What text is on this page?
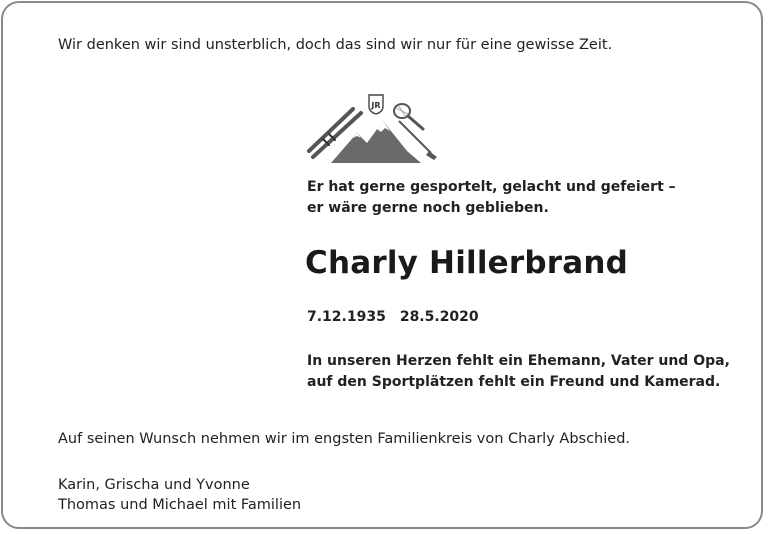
Wir denken wir sind unsterblich, doch das sind wir nur für eine gewisse Zeit.
JR
Er hat gerne gesportelt, gelacht und gefeiert –
er wäre gerne noch geblieben.
Charly Hillerbrand
7.12.1935 28.5.2020
In unseren Herzen fehlt ein Ehemann, Vater und Opa,
auf den Sportplätzen fehlt ein Freund und Kamerad.
Auf seinen Wunsch nehmen wir im engsten Familienkreis von Charly Abschied.
Karin, Grischa und Yvonne
Thomas und Michael mit Familien
